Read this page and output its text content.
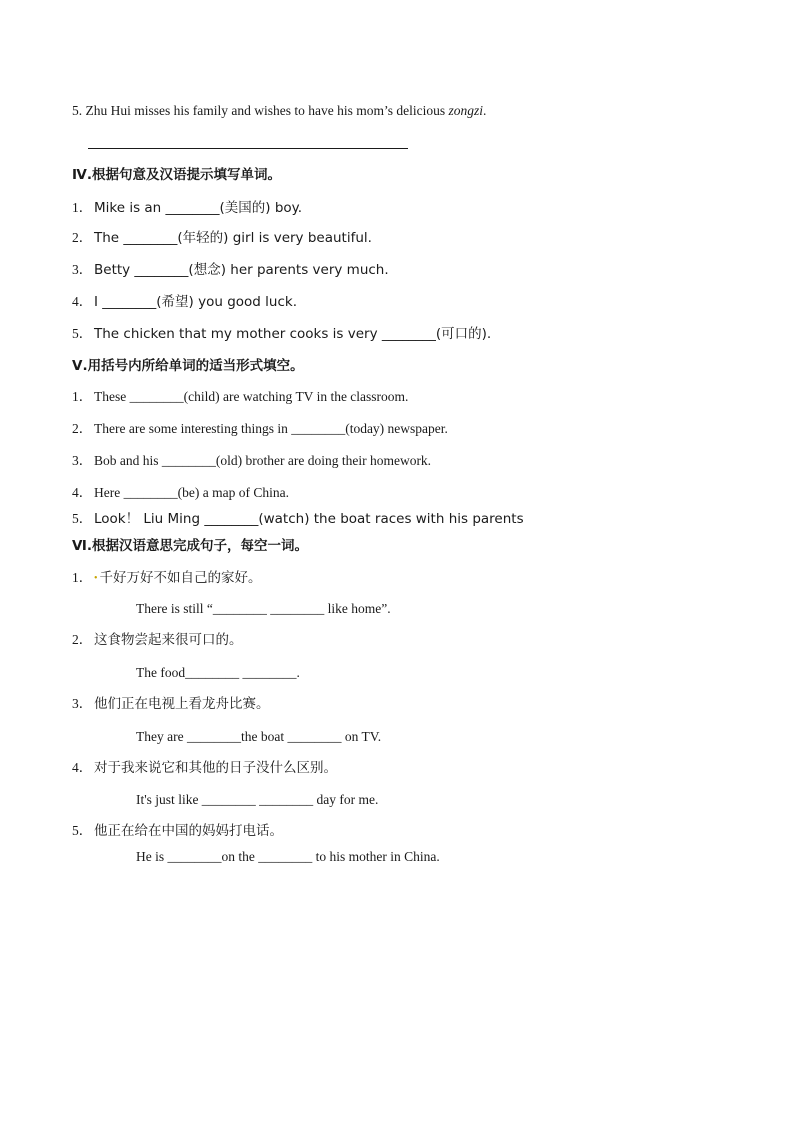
5. Zhu Hui misses his family and wishes to have his mom’s delicious zongzi.
Ⅳ.根据句意及汉语提示填写单词。
1． Mike is an ________(美国的) boy.
2． The ________(年轻的) girl is very beautiful.
3． Betty ________(想念) her parents very much.
4． I ________(希望) you good luck.
5． The chicken that my mother cooks is very ________(可口的).
Ⅴ.用括号内所给单词的适当形式填空。
1． These ________(child) are watching TV in the classroom.
2． There are some interesting things in ________(today) newspaper.
3． Bob and his ________(old) brother are doing their homework.
4． Here ________(be) a map of China.
5． Look！ Liu Ming ________(watch) the boat races with his parents
Ⅵ.根据汉语意思完成句子，每空一词。
1． • 千好万好不如自己的家好。
There is still “________ ________ like home”.
2． 这食物尝起来很可口的。
The food________ ________.
3． 他们正在电视上看龙舟比赛。
They are ________the boat ________ on TV.
4． 对于我来说它和其他的日子没什么区别。
It's just like ________ ________ day for me.
5． 他正在给在中国的妈妈打电话。
He is ________on the ________ to his mother in China.
